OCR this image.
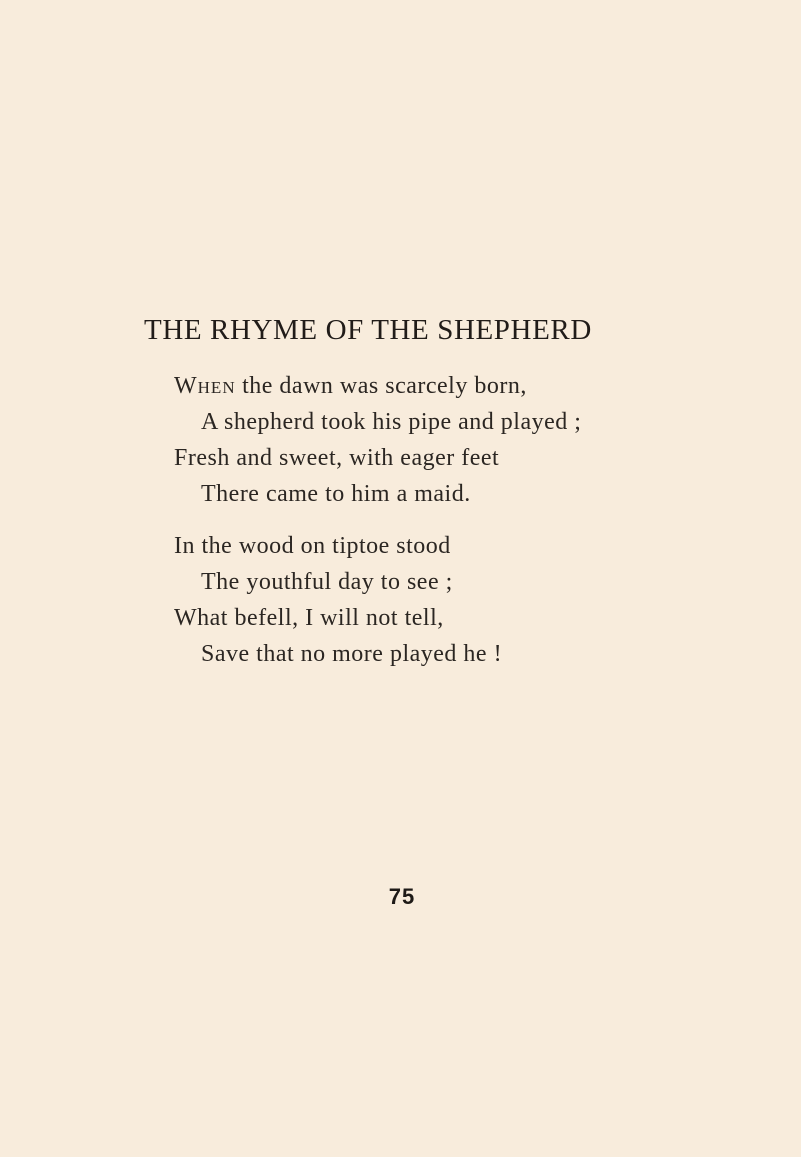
THE RHYME OF THE SHEPHERD
When the dawn was scarcely born,
A shepherd took his pipe and played ;
Fresh and sweet, with eager feet
There came to him a maid.
In the wood on tiptoe stood
The youthful day to see ;
What befell, I will not tell,
Save that no more played he !
75
